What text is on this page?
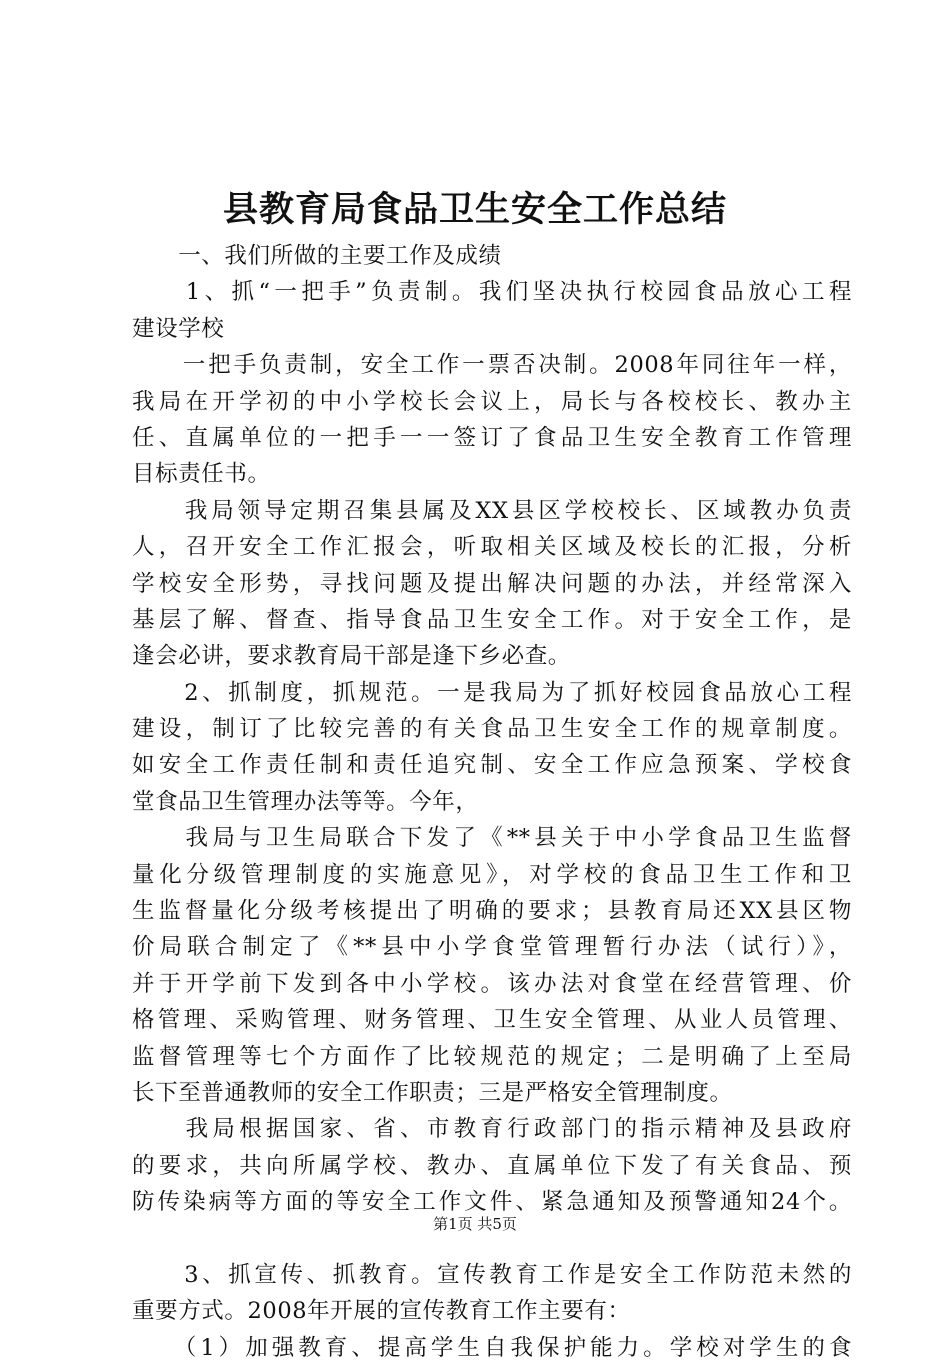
县教育局食品卫生安全工作总结
　　一、我们所做的主要工作及成绩
　　1、抓“一把手”负责制。我们坚决执行校园食品放心工程
建设学校
　　一把手负责制，安全工作一票否决制。2008年同往年一样，
我局在开学初的中小学校长会议上，局长与各校校长、教办主
任、直属单位的一把手一一签订了食品卫生安全教育工作管理
目标责任书。
　　我局领导定期召集县属及XX县区学校校长、区域教办负责
人，召开安全工作汇报会，听取相关区域及校长的汇报，分析
学校安全形势，寻找问题及提出解决问题的办法，并经常深入
基层了解、督查、指导食品卫生安全工作。对于安全工作，是
逢会必讲，要求教育局干部是逢下乡必查。
　　2、抓制度，抓规范。一是我局为了抓好校园食品放心工程
建设，制订了比较完善的有关食品卫生安全工作的规章制度。
如安全工作责任制和责任追究制、安全工作应急预案、学校食
堂食品卫生管理办法等等。今年，
　　我局与卫生局联合下发了《**县关于中小学食品卫生监督
量化分级管理制度的实施意见》，对学校的食品卫生工作和卫
生监督量化分级考核提出了明确的要求；县教育局还XX县区物
价局联合制定了《**县中小学食堂管理暂行办法（试行）》，
并于开学前下发到各中小学校。该办法对食堂在经营管理、价
格管理、采购管理、财务管理、卫生安全管理、从业人员管理、
监督管理等七个方面作了比较规范的规定；二是明确了上至局
长下至普通教师的安全工作职责；三是严格安全管理制度。
　　我局根据国家、省、市教育行政部门的指示精神及县政府
的要求，共向所属学校、教办、直属单位下发了有关食品、预
防传染病等方面的等安全工作文件、紧急通知及预警通知24个。
　　3、抓宣传、抓教育。宣传教育工作是安全工作防范未然的
重要方式。2008年开展的宣传教育工作主要有：
　　（1）加强教育、提高学生自我保护能力。学校对学生的食
第1页 共5页
